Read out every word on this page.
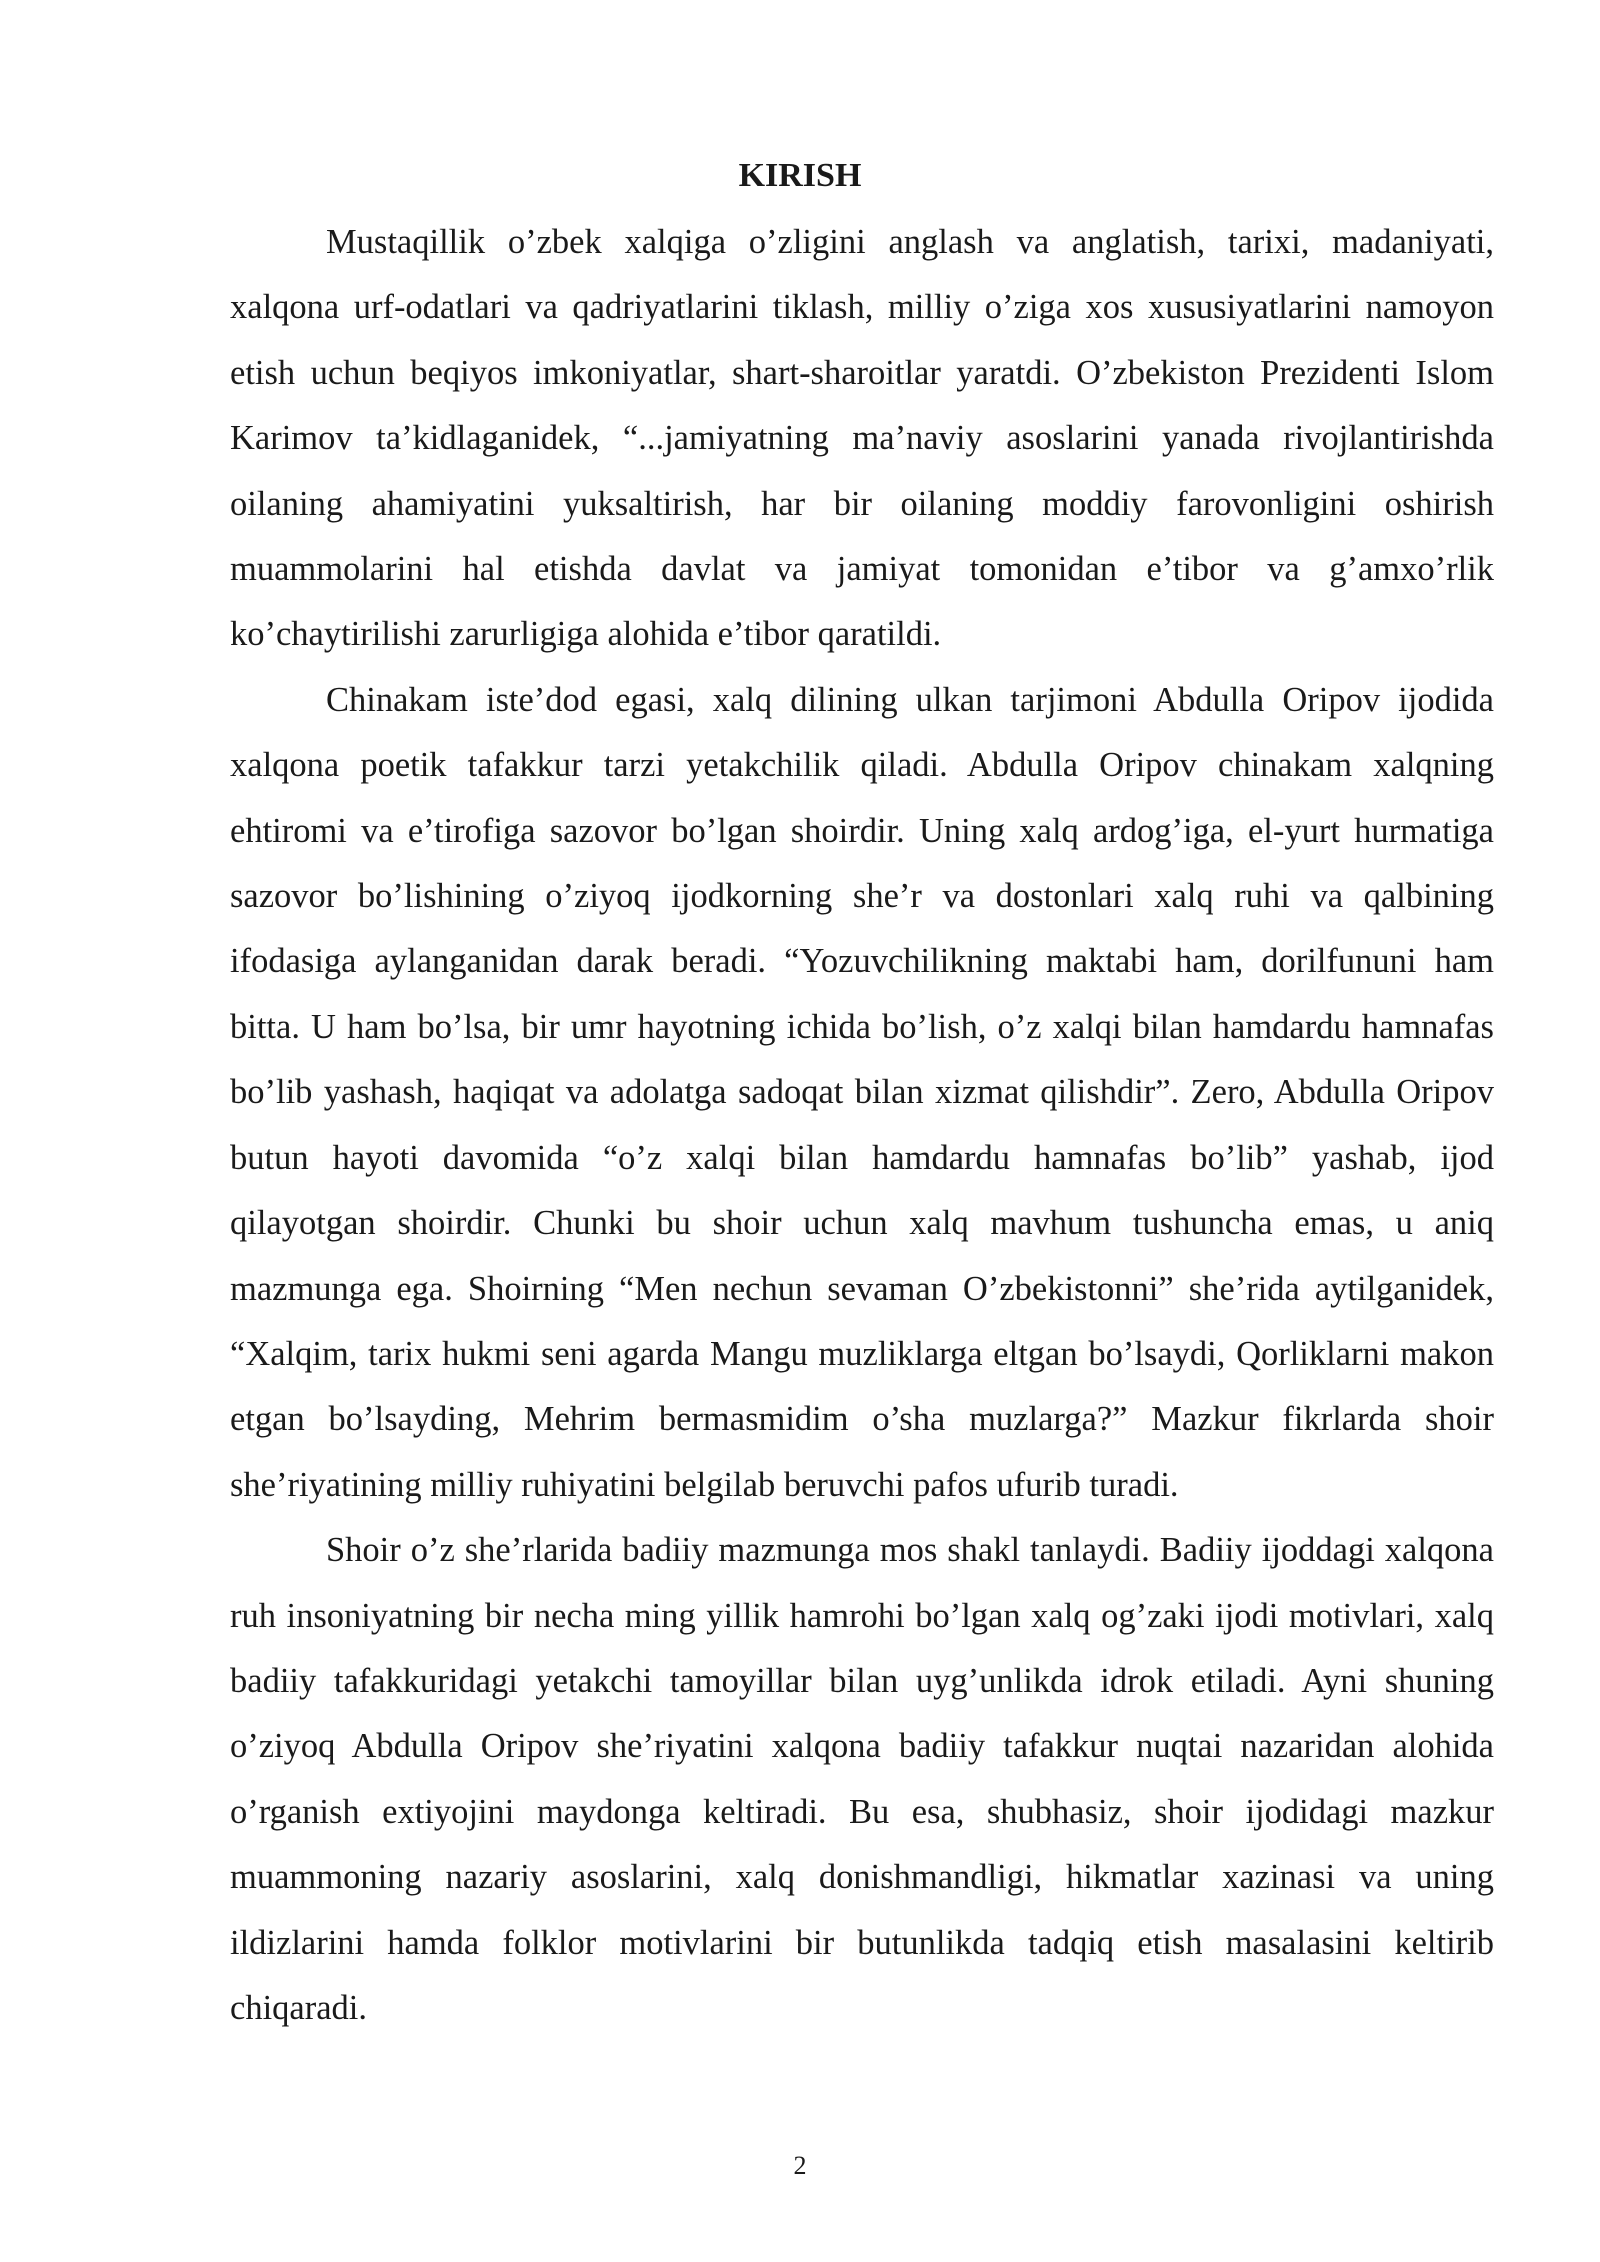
KIRISH

Mustaqillik o’zbek xalqiga o’zligini anglash va anglatish, tarixi, madaniyati, xalqona urf-odatlari va qadriyatlarini tiklash, milliy o’ziga xos xususiyatlarini namoyon etish uchun beqiyos imkoniyatlar, shart-sharoitlar yaratdi. O’zbekiston Prezidenti Islom Karimov ta’kidlaganidek, “...jamiyatning ma’naviy asoslarini yanada rivojlantirishda oilaning ahamiyatini yuksaltirish, har bir oilaning moddiy farovonligini oshirish muammolarini hal etishda davlat va jamiyat tomonidan e’tibor va g’amxo’rlik ko’chaytirilishi zarurligiga alohida e’tibor qaratildi.

Chinakam iste’dod egasi, xalq dilining ulkan tarjimoni Abdulla Oripov ijodida xalqona poetik tafakkur tarzi yetakchilik qiladi. Abdulla Oripov chinakam xalqning ehtiromi va e’tirofiga sazovor bo’lgan shoirdir. Uning xalq ardog’iga, el-yurt hurmatiga sazovor bo’lishining o’ziyoq ijodkorning she’r va dostonlari xalq ruhi va qalbining ifodasiga aylanganidan darak beradi. “Yozuvchilikning maktabi ham, dorilfununi ham bitta. U ham bo’lsa, bir umr hayotning ichida bo’lish, o’z xalqi bilan hamdardu hamnafas bo’lib yashash, haqiqat va adolatga sadoqat bilan xizmat qilishdir”. Zero, Abdulla Oripov butun hayoti davomida “o’z xalqi bilan hamdardu hamnafas bo’lib” yashab, ijod qilayotgan shoirdir. Chunki bu shoir uchun xalq mavhum tushuncha emas, u aniq mazmunga ega. Shoirning “Men nechun sevaman O’zbekistonni” she’rida aytilganidek, “Xalqim, tarix hukmi seni agarda Mangu muzliklarga eltgan bo’lsaydi, Qorliklarni makon etgan bo’lsayding, Mehrim bermasmidim o’sha muzlarga?” Mazkur fikrlarda shoir she’riyatining milliy ruhiyatini belgilab beruvchi pafos ufurib turadi.

Shoir o’z she’rlarida badiiy mazmunga mos shakl tanlaydi. Badiiy ijoddagi xalqona ruh insoniyatning bir necha ming yillik hamrohi bo’lgan xalq og’zaki ijodi motivlari, xalq badiiy tafakkuridagi yetakchi tamoyillar bilan uyg’unlikda idrok etiladi. Ayni shuning o’ziyoq Abdulla Oripov she’riyatini xalqona badiiy tafakkur nuqtai nazaridan alohida o’rganish extiyojini maydonga keltiradi. Bu esa, shubhasiz, shoir ijodidagi mazkur muammoning nazariy asoslarini, xalq donishmandligi, hikmatlar xazinasi va uning ildizlarini hamda folklor motivlarini bir butunlikda tadqiq etish masalasini keltirib chiqaradi.

2
